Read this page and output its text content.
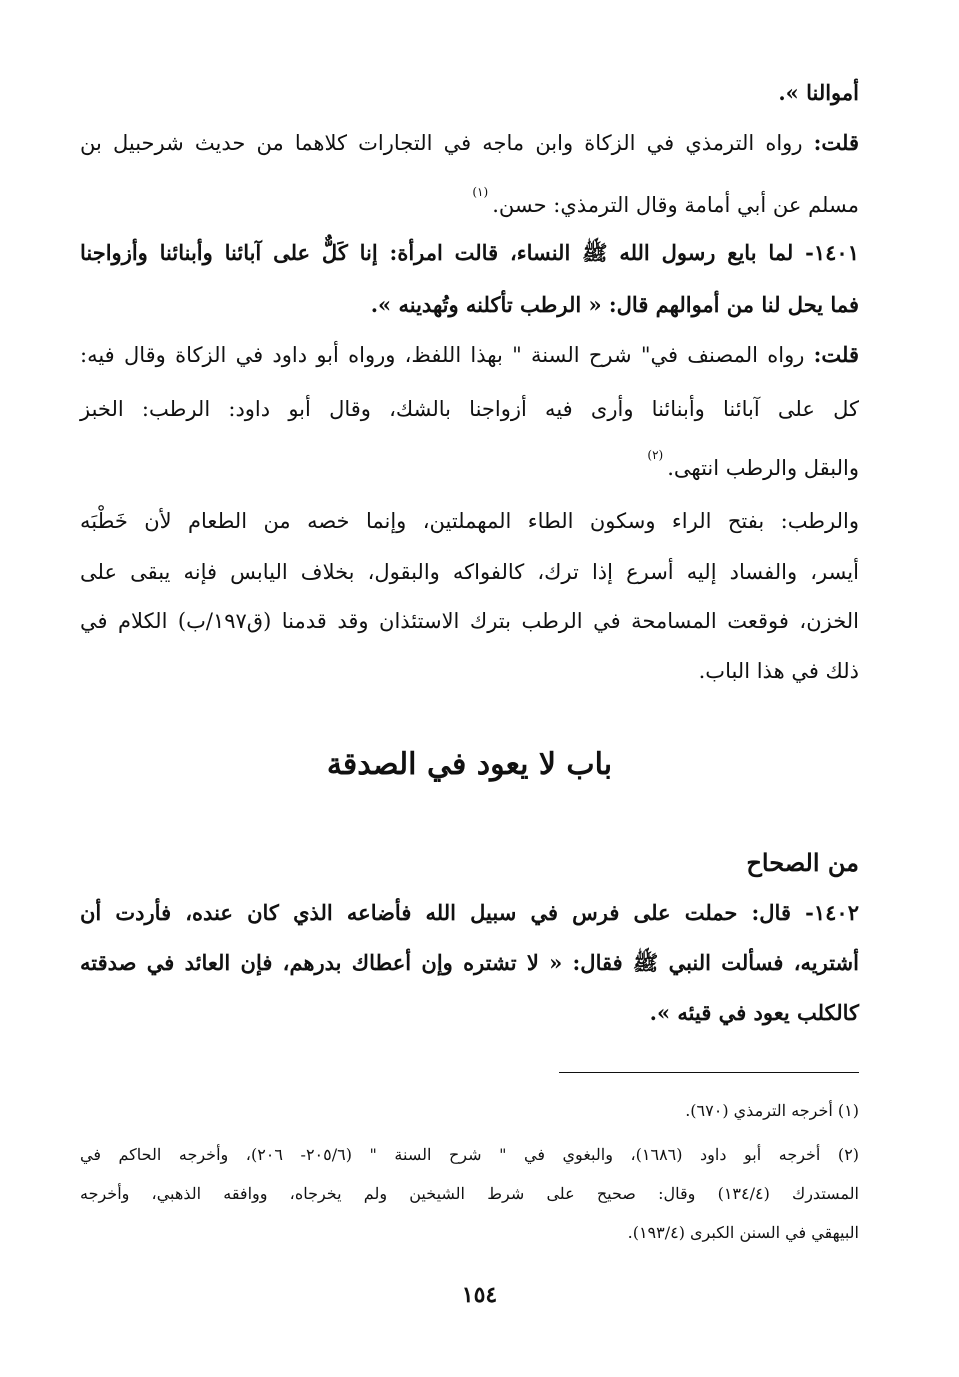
أموالنا ».
قلت: رواه الترمذي في الزكاة وابن ماجه في التجارات كلاهما من حديث شرحبيل بن
مسلم عن أبي أمامة وقال الترمذي: حسن.$^{(١)}$
١٤٠١- لما بايع رسول الله ﷺ النساء، قالت امرأة: إنا كَلٌّ على آبائنا وأبنائنا وأزواجنا
فما يحل لنا من أموالهم قال: « الرطب تأكلنه وتُهدينه ».
قلت: رواه المصنف في" شرح السنة " بهذا اللفظ، ورواه أبو داود في الزكاة وقال فيه:
كل على آبائنا وأبنائنا وأرى فيه أزواجنا بالشك، وقال أبو داود: الرطب: الخبز
والبقل والرطب انتهى.$^{(٢)}$
والرطب: بفتح الراء وسكون الطاء المهملتين، وإنما خصه من الطعام لأن خَطْبَه
أيسر، والفساد إليه أسرع إذا ترك، كالفواكه والبقول، بخلاف اليابس فإنه يبقى على
الخزن، فوقعت المسامحة في الرطب بترك الاستئذان وقد قدمنا (ق١٩٧/ب) الكلام في
ذلك في هذا الباب.
باب لا يعود في الصدقة
من الصحاح
١٤٠٢- قال: حملت على فرس في سبيل الله فأضاعه الذي كان عنده، فأردت أن
أشتريه، فسألت النبي ﷺ فقال: « لا تشتره وإن أعطاك بدرهم، فإن العائد في صدقته
كالكلب يعود في قيئه ».
(١) أخرجه الترمذي (٦٧٠).
(٢) أخرجه أبو داود (١٦٨٦)، والبغوي في " شرح السنة " (٢٠٥/٦- ٢٠٦)، وأخرجه الحاكم في
المستدرك (١٣٤/٤) وقال: صحيح على شرط الشيخين ولم يخرجاه، ووافقه الذهبي، وأخرجه
البيهقي في السنن الكبرى (١٩٣/٤).
١٥٤
